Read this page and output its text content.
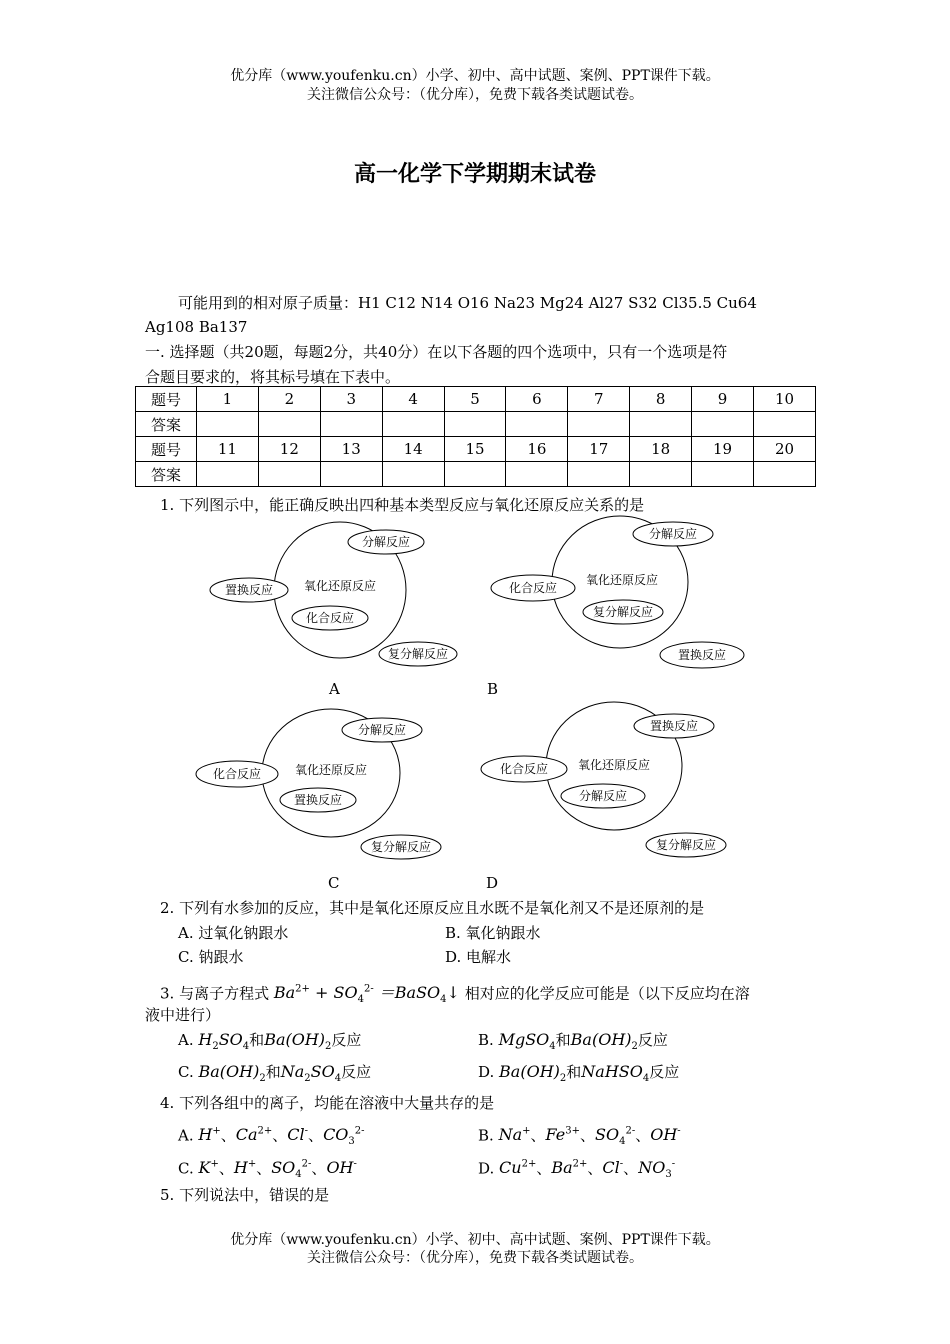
优分库（www.youfenku.cn）小学、初中、高中试题、案例、PPT课件下载。
关注微信公众号：（优分库），免费下载各类试题试卷。
高一化学下学期期末试卷
可能用到的相对原子质量：H1 C12 N14 O16 Na23 Mg24 Al27 S32 Cl35.5 Cu64
Ag108 Ba137
一. 选择题（共20题，每题2分，共40分）在以下各题的四个选项中，只有一个选项是符
合题目要求的，将其标号填在下表中。
题号	1	2	3	4	5	6	7	8	9	10
答案										
题号	11	12	13	14	15	16	17	18	19	20
答案										
1. 下列图示中，能正确反映出四种基本类型反应与氧化还原反应关系的是
氧化还原反应
分解反应
置换反应
化合反应
复分解反应
A
氧化还原反应
分解反应
化合反应
复分解反应
置换反应
B
氧化还原反应
分解反应
化合反应
置换反应
复分解反应
C
氧化还原反应
置换反应
化合反应
分解反应
复分解反应
D
2. 下列有水参加的反应，其中是氧化还原反应且水既不是氧化剂又不是还原剂的是
A. 过氧化钠跟水	B. 氧化钠跟水
C. 钠跟水	D. 电解水
3. 与离子方程式 $Ba^{2+} + SO_4^{2-}$ ＝BaSO$_4$↓ 相对应的化学反应可能是（以下反应均在溶
液中进行）
A. $H_2SO_4$和$Ba(OH)_2$反应	B. MgSO$_4$和$Ba(OH)_2$反应
C. $Ba(OH)_2$和$Na_2SO_4$反应	D. $Ba(OH)_2$和NaHSO$_4$反应
4. 下列各组中的离子，均能在溶液中大量共存的是
A. H+、$Ca^{2+}$、Cl-、$CO_3^{2-}$	B. Na+、$Fe^{3+}$、$SO_4^{2-}$、OH-
C. K+、H+、$SO_4^{2-}$、OH-	D. $Cu^{2+}$、$Ba^{2+}$、Cl-、$NO_3^-$
5. 下列说法中，错误的是
优分库（www.youfenku.cn）小学、初中、高中试题、案例、PPT课件下载。
关注微信公众号：（优分库），免费下载各类试题试卷。
